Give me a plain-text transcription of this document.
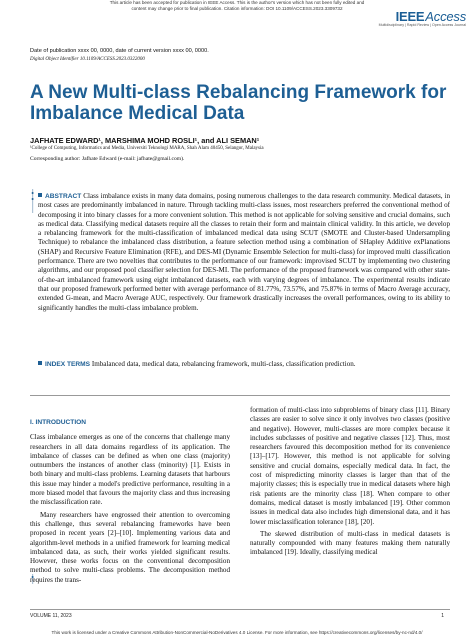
This article has been accepted for publication in IEEE Access. This is the author's version which has not been fully edited and
content may change prior to final publication. Citation information: DOI 10.1109/ACCESS.2023.3309732
IEEE Access
Multidisciplinary | Rapid Review | Open Access Journal
Date of publication xxxx 00, 0000, date of current version xxxx 00, 0000.
Digital Object Identifier 10.1109/ACCESS.2023.0322000
A New Multi-class Rebalancing Framework for Imbalance Medical Data
JAFHATE EDWARD¹, MARSHIMA MOHD ROSLI¹, and ALI SEMAN¹
¹College of Computing, Informatics and Media, Universiti Teknologi MARA, Shah Alam 40450, Selangor, Malaysia
Corresponding author: Jafhate Edward (e-mail: jafhate@gmail.com).
ABSTRACT Class imbalance exists in many data domains, posing numerous challenges to the data research community. Medical datasets, in most cases are predominantly imbalanced in nature. Through tackling multi-class issues, most researchers preferred the conventional method of decomposing it into binary classes for a more convenient solution. This method is not applicable for solving sensitive and crucial domains, such as medical data. Classifying medical datasets require all the classes to retain their form and maintain clinical validity. In this article, we develop a rebalancing framework for the multi-classification of imbalanced medical data using SCUT (SMOTE and Cluster-based Undersampling Technique) to rebalance the imbalanced class distribution, a feature selection method using a combination of SHapley Additive exPlanations (SHAP) and Recursive Feature Elimination (RFE), and DES-MI (Dynamic Ensemble Selection for multi-class) for improved multi classification performance. There are two novelties that contributes to the performance of our framework: improvised SCUT by implementing two clustering algorithms, and our proposed pool classifier selection for DES-MI. The performance of the proposed framework was compared with other state-of-the-art imbalanced framework using eight imbalanced datasets, each with varying degrees of imbalance. The experimental results indicate that our proposed framework performed better with average performance of 81.77%, 73.57%, and 75.87% in terms of Macro Average accuracy, extended G-mean, and Macro Average AUC, respectively. Our framework drastically increases the overall performances, owing to its ability to significantly handles the multi-class imbalance problem.
INDEX TERMS Imbalanced data, medical data, rebalancing framework, multi-class, classification prediction.
I. INTRODUCTION

Class imbalance emerges as one of the concerns that challenge many researchers in all data domains regardless of its application. The imbalance of classes can be defined as when one class (majority) outnumbers the instances of another class (minority) [1]. Exists in both binary and multi-class problems. Learning datasets that harbours this issue may hinder a model's predictive performance, resulting in a more biased model that favours the majority class and thus increasing the misclassification rate.

Many researchers have engrossed their attention to overcoming this challenge, thus several rebalancing frameworks have been proposed in recent years [2]–[10]. Implementing various data and algorithm-level methods in a unified framework for learning medical imbalanced data, as such, their works yielded significant results. However, these works focus on the conventional decomposition method to solve multi-class problems. The decomposition method requires the trans-

formation of multi-class into subproblems of binary class [11]. Binary classes are easier to solve since it only involves two classes (positive and negative). However, multi-classes are more complex because it includes subclasses of positive and negative classes [12]. Thus, most researchers favoured this decomposition method for its convenience [13]–[17]. However, this method is not applicable for solving sensitive and crucial domains, especially medical data. In fact, the cost of mispredicting minority classes is larger than that of the majority classes; this is especially true in medical datasets where high risk patients are the minority class [18]. When compare to other domains, medical dataset is mostly imbalanced [19]. Other common issues in medical data also includes high dimensional data, and it has lower misclassification tolerance [18], [20].

The skewed distribution of multi-class in medical datasets is naturally compounded with many features making them naturally imbalanced [19]. Ideally, classifying medical

VOLUME 11, 2023	1
This work is licensed under a Creative Commons Attribution-NonCommercial-NoDerivatives 4.0 License. For more information, see https://creativecommons.org/licenses/by-nc-nd/4.0/
